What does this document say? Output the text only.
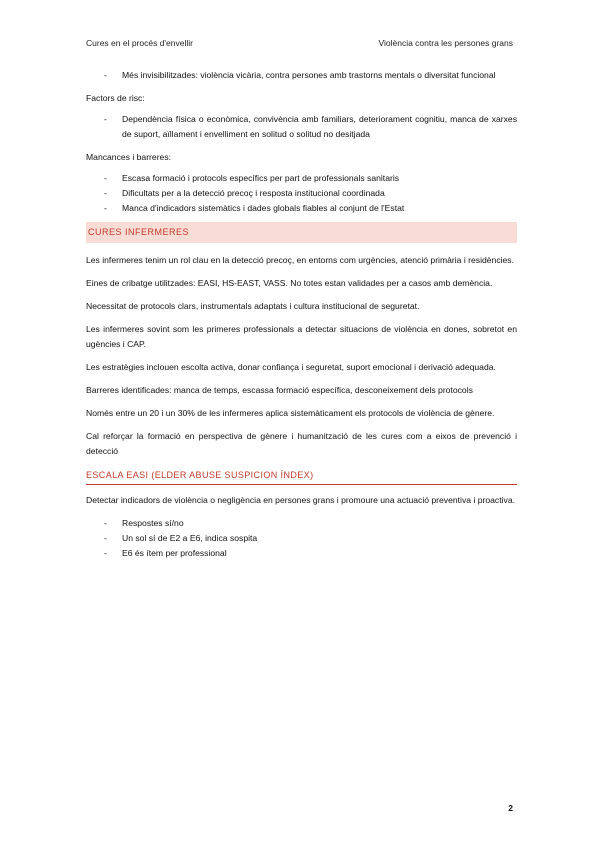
Cures en el procés d'envellir	Violència contra les persones grans
- Més invisibilitzades: violència vicària, contra persones amb trastorns mentals o diversitat funcional

Factors de risc:

- Dependència física o econòmica, convivència amb familiars, deteriorament cognitiu, manca de xarxes de suport, aïllament i envelliment en solitud o solitud no desitjada

Mancances i barreres:

- Escasa formació i protocols específics per part de professionals sanitaris
- Dificultats per a la detecció precoç i resposta institucional coordinada
- Manca d'indicadors sistemàtics i dades globals fiables al conjunt de l'Estat
CURES INFERMERES

Les infermeres tenim un rol clau en la detecció precoç, en entorns com urgències, atenció primària i residències.

Eines de cribatge utilitzades: EASI, HS-EAST, VASS. No totes estan validades per a casos amb demència.

Necessitat de protocols clars, instrumentals adaptats i cultura institucional de seguretat.

Les infermeres sovint som les primeres professionals a detectar situacions de violència en dones, sobretot en ugències i CAP.

Les estratègies inclouen escolta activa, donar confiança i seguretat, suport emocional i derivació adequada.

Barreres identificades: manca de temps, escassa formació específica, desconeixement dels protocols

Només entre un 20 i un 30% de les infermeres aplica sistemàticament els protocols de violència de gènere.

Cal reforçar la formació en perspectiva de gènere i humanització de les cures com a eixos de prevenció i detecció

ESCALA EASI (ELDER ABUSE SUSPICION ÍNDEX)

Detectar indicadors de violència o negligència en persones grans i promoure una actuació preventiva i proactiva.

- Respostes sí/no
- Un sol sí de E2 a E6, indica sospita
- E6 és ítem per professional
2
